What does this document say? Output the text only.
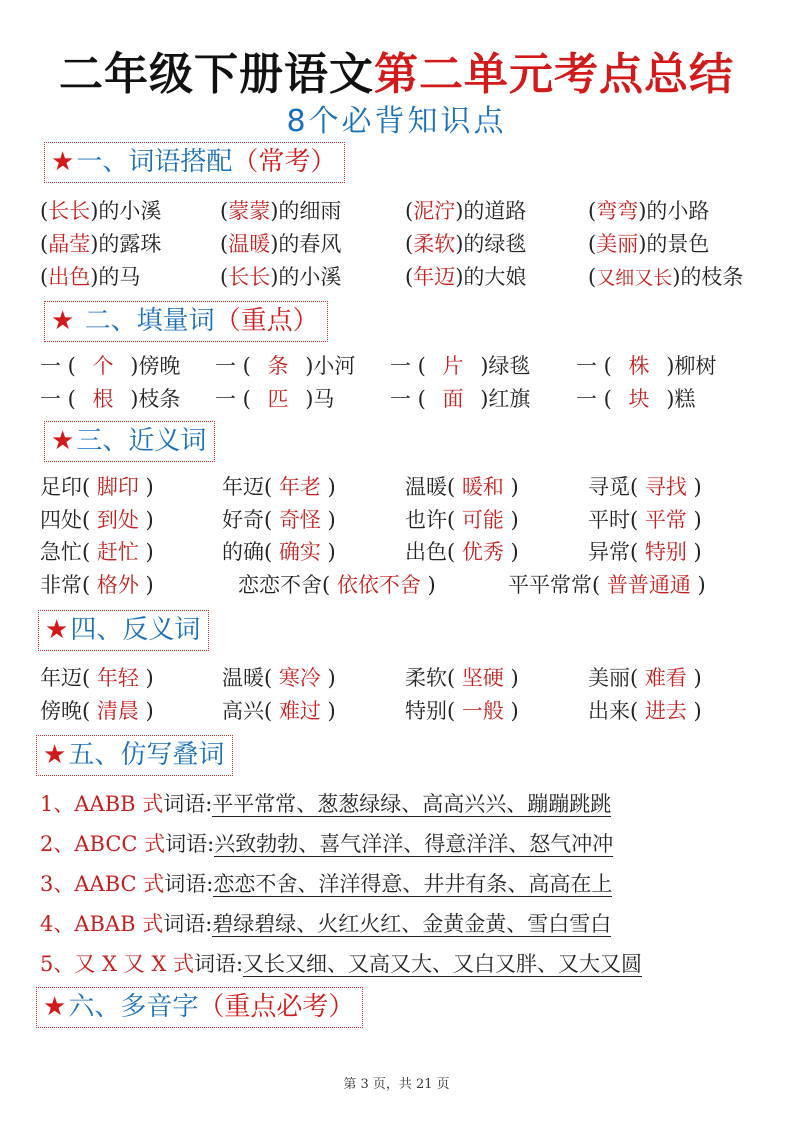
二年级下册语文第二单元考点总结
8个必背知识点
★一、词语搭配（常考）
(长长)的小溪	(蒙蒙)的细雨	(泥泞)的道路	(弯弯)的小路
(晶莹)的露珠	(温暖)的春风	(柔软)的绿毯	(美丽)的景色
(出色)的马	(长长)的小溪	(年迈)的大娘	(又细又长)的枝条
★ 二、填量词（重点）
一 ( 个 )傍晚 一 ( 条 )小河 一 ( 片 )绿毯 一 ( 株 )柳树
一 ( 根 )枝条 一 ( 匹 )马	一 ( 面 )红旗 一 ( 块 )糕
★三、近义词
足印( 脚印 )	年迈( 年老 )	温暖( 暖和 )	寻觅( 寻找 )
四处( 到处 )	好奇( 奇怪 )	也许( 可能 )	平时( 平常 )
急忙( 赶忙 )	的确( 确实 )	出色( 优秀 )	异常( 特别 )
非常( 格外 )	恋恋不舍( 依依不舍 )	平平常常( 普普通通 )
★四、反义词
年迈( 年轻 )	温暖( 寒冷 )	柔软( 坚硬 )	美丽( 难看 )
傍晚( 清晨 )	高兴( 难过 )	特别( 一般 )	出来( 进去 )
★五、仿写叠词
1、AABB 式词语:平平常常、葱葱绿绿、高高兴兴、蹦蹦跳跳
2、ABCC 式词语:兴致勃勃、喜气洋洋、得意洋洋、怒气冲冲
3、AABC 式词语:恋恋不舍、洋洋得意、井井有条、高高在上
4、ABAB 式词语:碧绿碧绿、火红火红、金黄金黄、雪白雪白
5、又 X 又 X 式词语:又长又细、又高又大、又白又胖、又大又圆
★六、多音字（重点必考）
第 3 页，共 21 页
